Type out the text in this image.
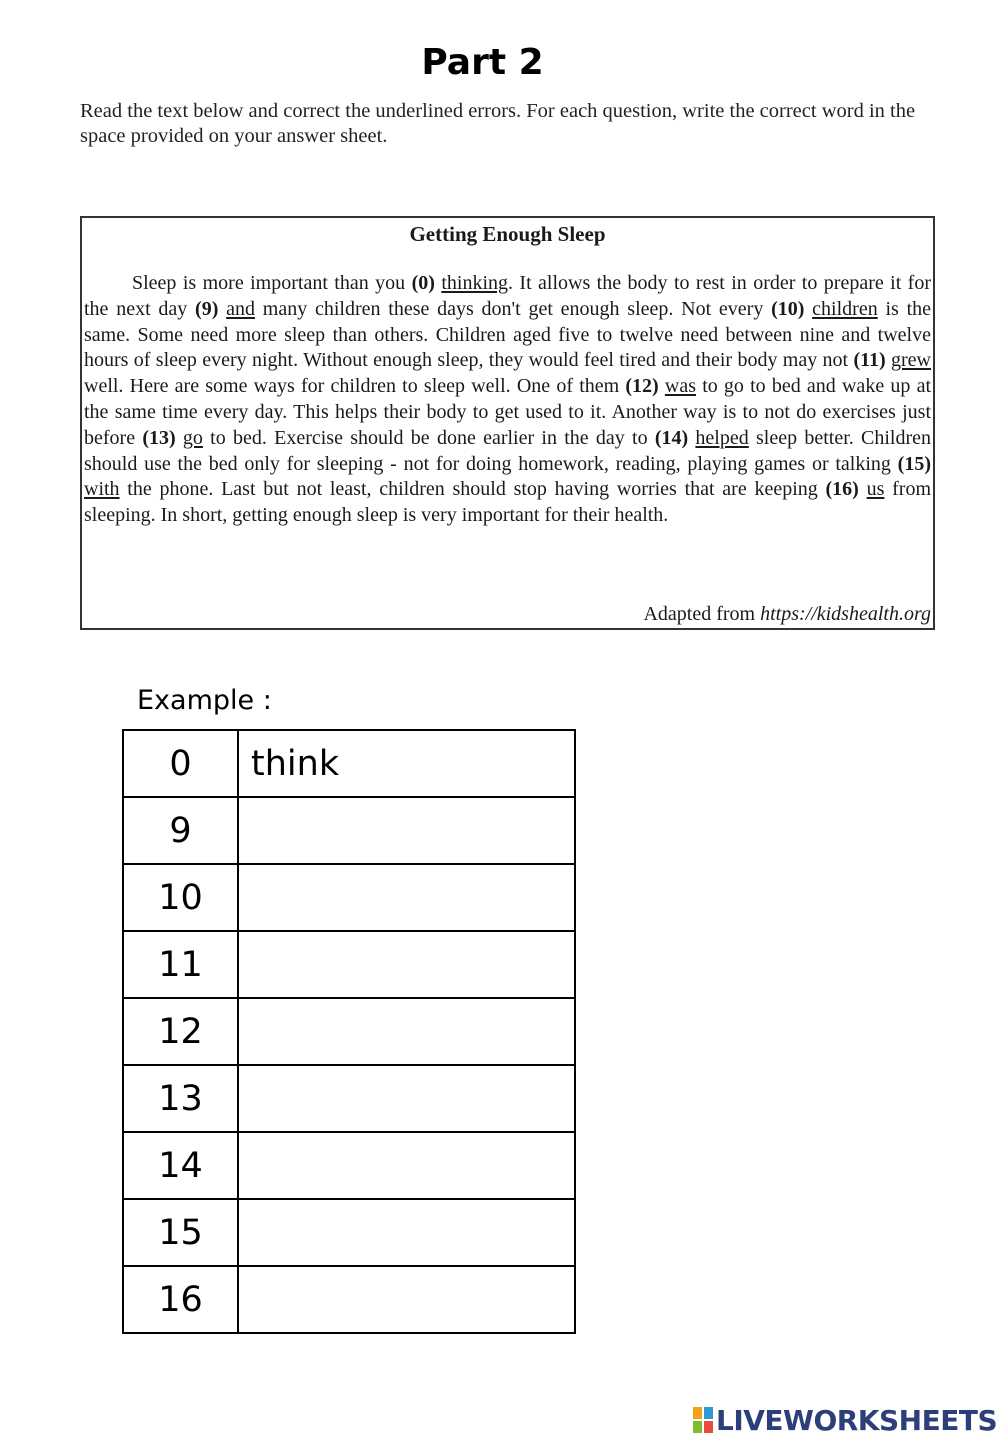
Part 2
Read the text below and correct the underlined errors. For each question, write the correct word in the space provided on your answer sheet.
Getting Enough Sleep

Sleep is more important than you (0) thinking. It allows the body to rest in order to prepare it for the next day (9) and many children these days don't get enough sleep. Not every (10) children is the same. Some need more sleep than others. Children aged five to twelve need between nine and twelve hours of sleep every night. Without enough sleep, they would feel tired and their body may not (11) grew well. Here are some ways for children to sleep well. One of them (12) was to go to bed and wake up at the same time every day. This helps their body to get used to it. Another way is to not do exercises just before (13) go to bed. Exercise should be done earlier in the day to (14) helped sleep better. Children should use the bed only for sleeping - not for doing homework, reading, playing games or talking (15) with the phone. Last but not least, children should stop having worries that are keeping (16) us from sleeping. In short, getting enough sleep is very important for their health.

Adapted from https://kidshealth.org
Example :
0	think
9	
10	
11	
12	
13	
14	
15	
16	
LIVEWORKSHEETS
